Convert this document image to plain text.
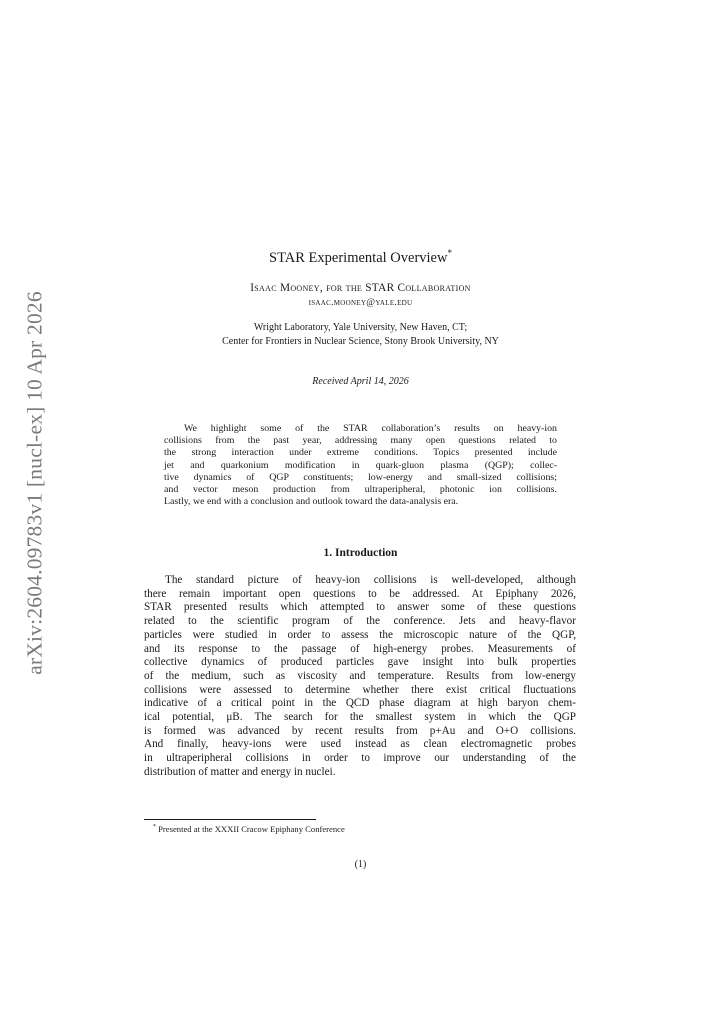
arXiv:2604.09783v1 [nucl-ex] 10 Apr 2026
STAR Experimental Overview*
Isaac Mooney, for the STAR Collaboration
isaac.mooney@yale.edu
Wright Laboratory, Yale University, New Haven, CT;
Center for Frontiers in Nuclear Science, Stony Brook University, NY
Received April 14, 2026
We highlight some of the STAR collaboration’s results on heavy-ion
collisions from the past year, addressing many open questions related to
the strong interaction under extreme conditions. Topics presented include
jet and quarkonium modification in quark-gluon plasma (QGP); collec-
tive dynamics of QGP constituents; low-energy and small-sized collisions;
and vector meson production from ultraperipheral, photonic ion collisions.
Lastly, we end with a conclusion and outlook toward the data-analysis era.
1. Introduction
The standard picture of heavy-ion collisions is well-developed, although
there remain important open questions to be addressed. At Epiphany 2026,
STAR presented results which attempted to answer some of these questions
related to the scientific program of the conference. Jets and heavy-flavor
particles were studied in order to assess the microscopic nature of the QGP,
and its response to the passage of high-energy probes. Measurements of
collective dynamics of produced particles gave insight into bulk properties
of the medium, such as viscosity and temperature. Results from low-energy
collisions were assessed to determine whether there exist critical fluctuations
indicative of a critical point in the QCD phase diagram at high baryon chem-
ical potential, μB. The search for the smallest system in which the QGP
is formed was advanced by recent results from p+Au and O+O collisions.
And finally, heavy-ions were used instead as clean electromagnetic probes
in ultraperipheral collisions in order to improve our understanding of the
distribution of matter and energy in nuclei.
* Presented at the XXXII Cracow Epiphany Conference
(1)
